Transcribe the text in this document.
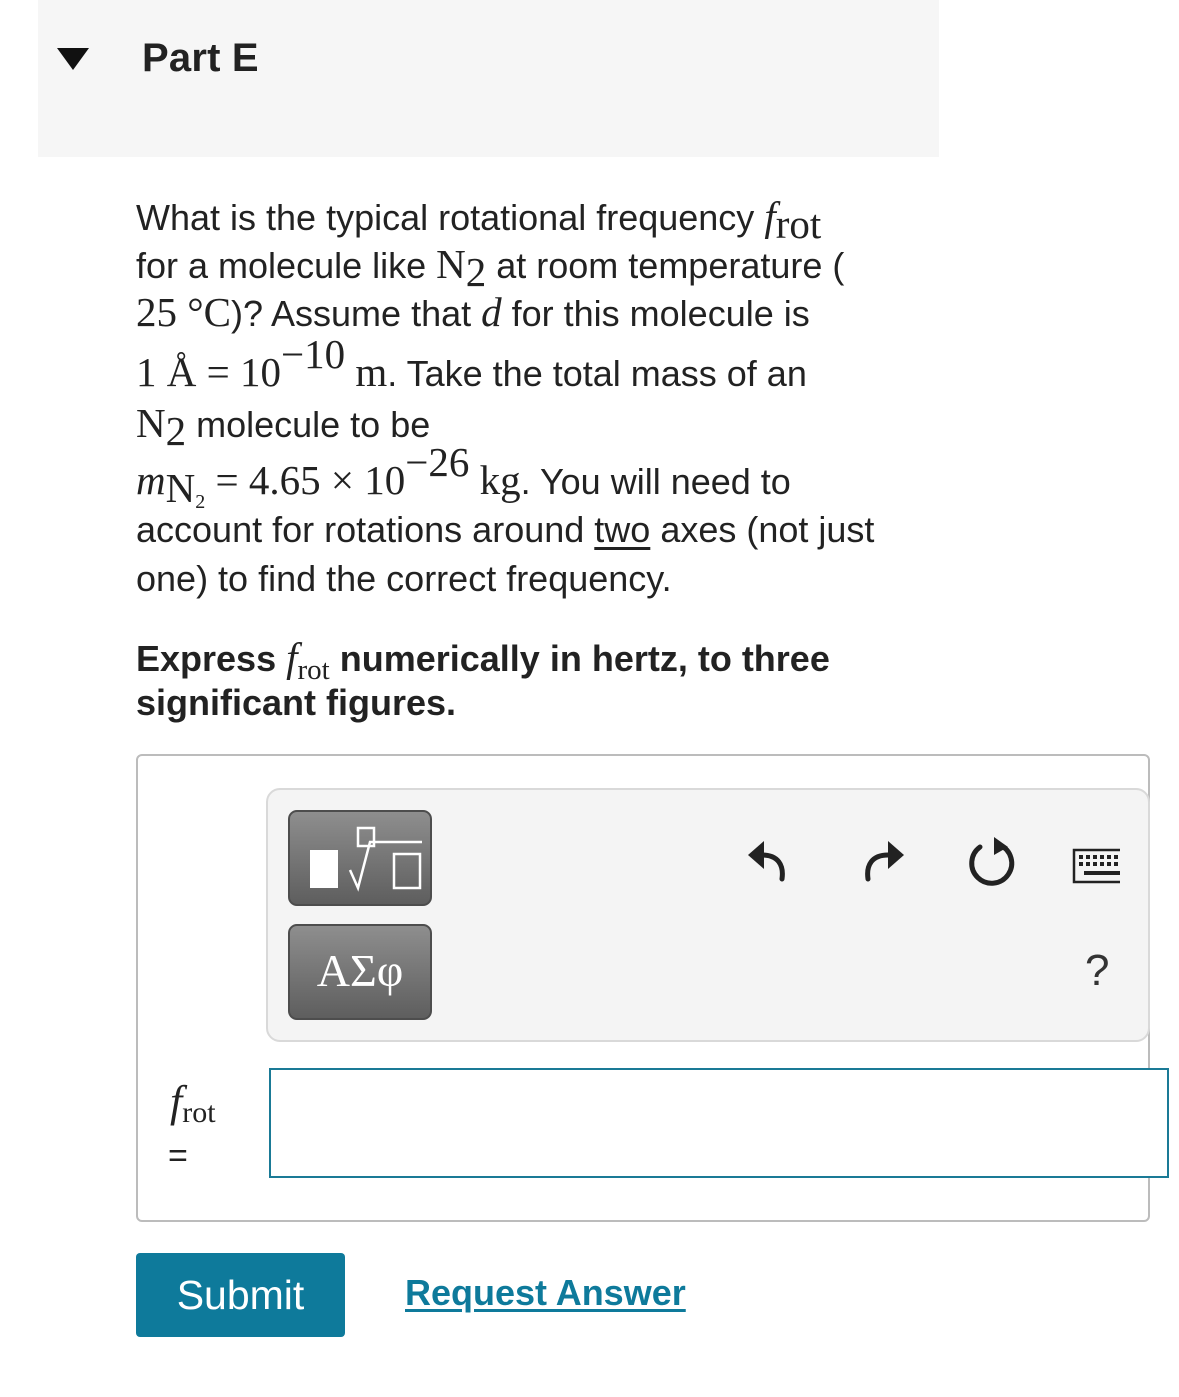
Part E
What is the typical rotational frequency frot
for a molecule like N2 at room temperature (
25 °C)? Assume that d for this molecule is
1 Å = 10−10 m. Take the total mass of an
N2 molecule to be
$mN_2 = 4.65 \times 10-26$ kg. You will need to
account for rotations around two axes (not just
one) to find the correct frequency.
Express $f_{rot}$ numerically in hertz, to three
significant figures.
ΑΣφ	?
frot
=
Submit	Request Answer
